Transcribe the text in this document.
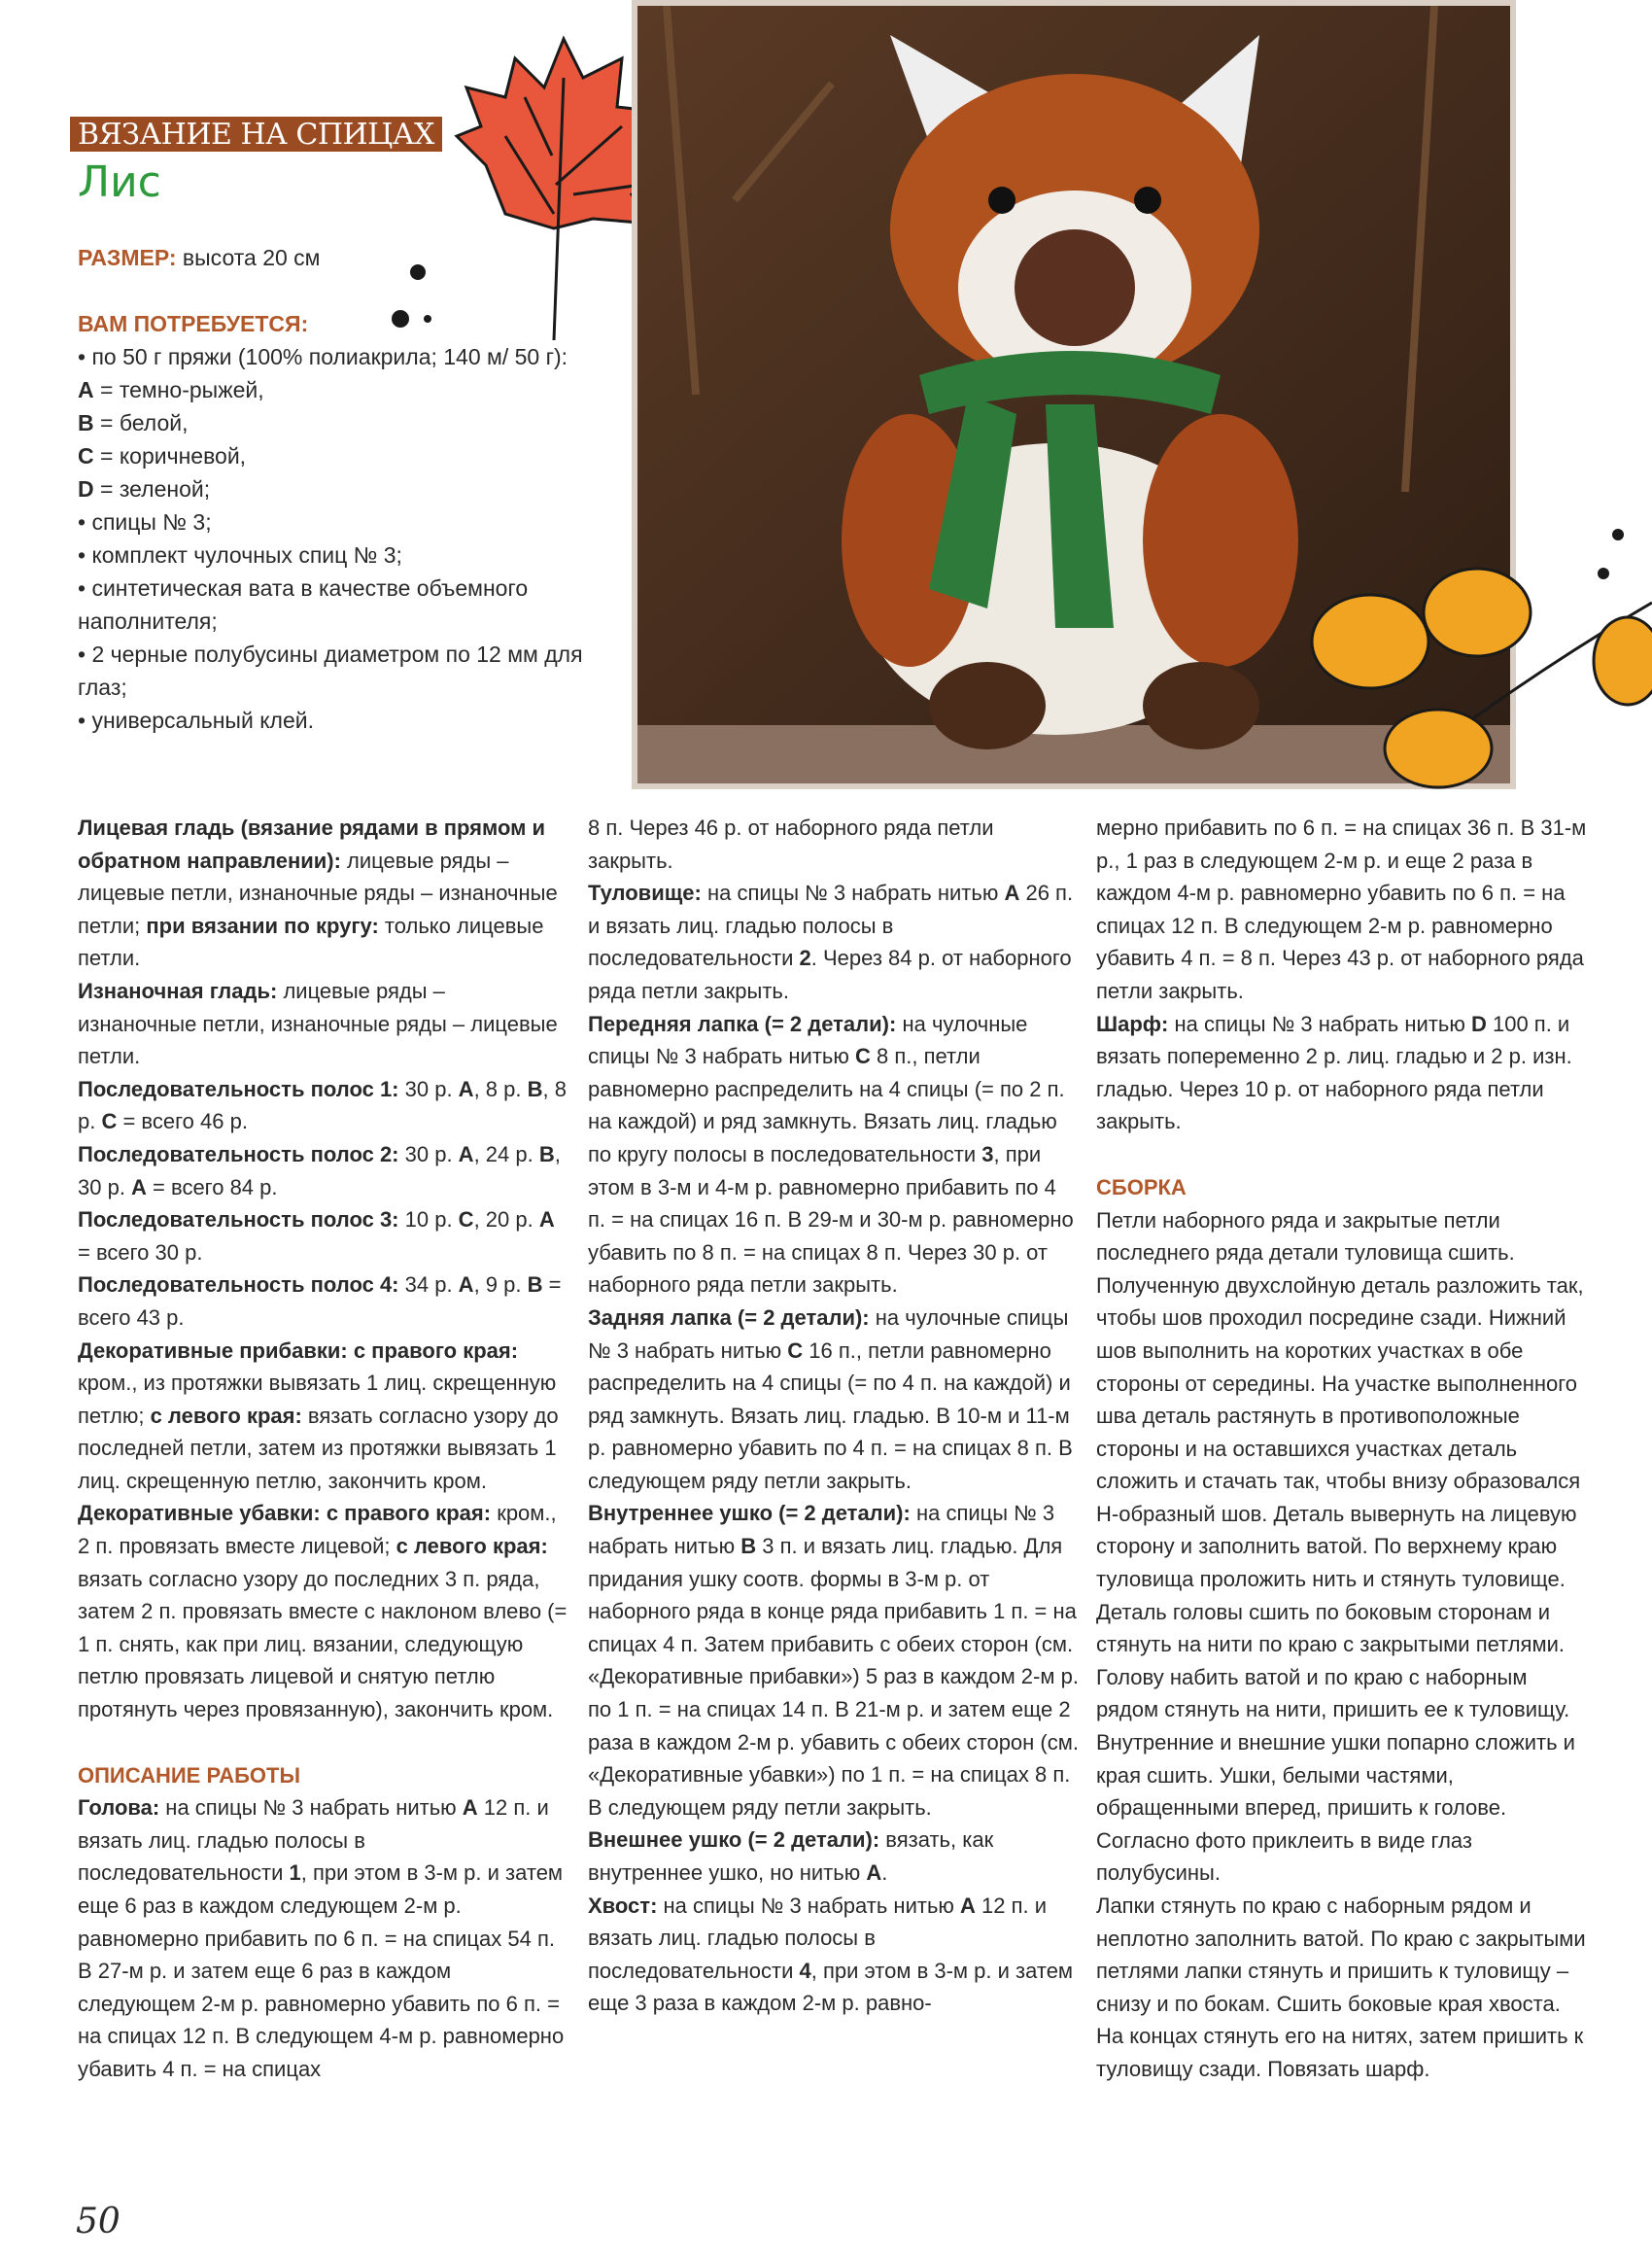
ВЯЗАНИЕ НА СПИЦАХ
Лис

РАЗМЕР: высота 20 см

ВАМ ПОТРЕБУЕТСЯ:

• по 50 г пряжи (100% полиакрила; 140 м/ 50 г):

A = темно-рыжей,

B = белой,

C = коричневой,

D = зеленой;

• спицы № 3;

• комплект чулочных спиц № 3;

• синтетическая вата в качестве объемного наполнителя;

• 2 черные полубусины диаметром по 12 мм для глаз;

• универсальный клей.

Лицевая гладь (вязание рядами в прямом и обратном направлении): лицевые ряды – лицевые петли, изнаночные ряды – изнаночные петли; при вязании по кругу: только лицевые петли.

Изнаночная гладь: лицевые ряды – изнаночные петли, изнаночные ряды – лицевые петли.

Последовательность полос 1: 30 р. A, 8 р. B, 8 р. C = всего 46 р.

Последовательность полос 2: 30 р. A, 24 р. B, 30 р. A = всего 84 р.

Последовательность полос 3: 10 р. C, 20 р. A = всего 30 р.

Последовательность полос 4: 34 р. A, 9 р. B = всего 43 р.

Декоративные прибавки: с правого края: кром., из протяжки вывязать 1 лиц. скрещенную петлю; с левого края: вязать согласно узору до последней петли, затем из протяжки вывязать 1 лиц. скрещенную петлю, закончить кром.

Декоративные убавки: с правого края: кром., 2 п. провязать вместе лицевой; с левого края: вязать согласно узору до последних 3 п. ряда, затем 2 п. провязать вместе с наклоном влево (= 1 п. снять, как при лиц. вязании, следующую петлю провязать лицевой и снятую петлю протянуть через провязанную), закончить кром.

ОПИСАНИЕ РАБОТЫ

Голова: на спицы № 3 набрать нитью A 12 п. и вязать лиц. гладью полосы в последовательности 1, при этом в 3-м р. и затем еще 6 раз в каждом следующем 2-м р. равномерно прибавить по 6 п. = на спицах 54 п. В 27-м р. и затем еще 6 раз в каждом следующем 2-м р. равномерно убавить по 6 п. = на спицах 12 п. В следующем 4-м р. равномерно убавить 4 п. = на спицах

8 п. Через 46 р. от наборного ряда петли закрыть.

Туловище: на спицы № 3 набрать нитью A 26 п. и вязать лиц. гладью полосы в последовательности 2. Через 84 р. от наборного ряда петли закрыть.

Передняя лапка (= 2 детали): на чулочные спицы № 3 набрать нитью C 8 п., петли равномерно распределить на 4 спицы (= по 2 п. на каждой) и ряд замкнуть. Вязать лиц. гладью по кругу полосы в последовательности 3, при этом в 3-м и 4-м р. равномерно прибавить по 4 п. = на спицах 16 п. В 29-м и 30-м р. равномерно убавить по 8 п. = на спицах 8 п. Через 30 р. от наборного ряда петли закрыть.

Задняя лапка (= 2 детали): на чулочные спицы № 3 набрать нитью C 16 п., петли равномерно распределить на 4 спицы (= по 4 п. на каждой) и ряд замкнуть. Вязать лиц. гладью. В 10-м и 11-м р. равномерно убавить по 4 п. = на спицах 8 п. В следующем ряду петли закрыть.

Внутреннее ушко (= 2 детали): на спицы № 3 набрать нитью B 3 п. и вязать лиц. гладью. Для придания ушку соотв. формы в 3-м р. от наборного ряда в конце ряда прибавить 1 п. = на спицах 4 п. Затем прибавить с обеих сторон (см. «Декоративные прибавки») 5 раз в каждом 2-м р. по 1 п. = на спицах 14 п. В 21-м р. и затем еще 2 раза в каждом 2-м р. убавить с обеих сторон (см. «Декоративные убавки») по 1 п. = на спицах 8 п. В следующем ряду петли закрыть.

Внешнее ушко (= 2 детали): вязать, как внутреннее ушко, но нитью A.

Хвост: на спицы № 3 набрать нитью A 12 п. и вязать лиц. гладью полосы в последовательности 4, при этом в 3-м р. и затем еще 3 раза в каждом 2-м р. равно-

мерно прибавить по 6 п. = на спицах 36 п. В 31-м р., 1 раз в следующем 2-м р. и еще 2 раза в каждом 4-м р. равномерно убавить по 6 п. = на спицах 12 п. В следующем 2-м р. равномерно убавить 4 п. = 8 п. Через 43 р. от наборного ряда петли закрыть.

Шарф: на спицы № 3 набрать нитью D 100 п. и вязать попеременно 2 р. лиц. гладью и 2 р. изн. гладью. Через 10 р. от наборного ряда петли закрыть.

СБОРКА

Петли наборного ряда и закрытые петли последнего ряда детали туловища сшить. Полученную двухслойную деталь разложить так, чтобы шов проходил посредине сзади. Нижний шов выполнить на коротких участках в обе стороны от середины. На участке выполненного шва деталь растянуть в противоположные стороны и на оставшихся участках деталь сложить и стачать так, чтобы внизу образовался Н-образный шов. Деталь вывернуть на лицевую сторону и заполнить ватой. По верхнему краю туловища проложить нить и стянуть туловище. Деталь головы сшить по боковым сторонам и стянуть на нити по краю с закрытыми петлями. Голову набить ватой и по краю с наборным рядом стянуть на нити, пришить ее к туловищу. Внутренние и внешние ушки попарно сложить и края сшить. Ушки, белыми частями, обращенными вперед, пришить к голове. Согласно фото приклеить в виде глаз полубусины.

Лапки стянуть по краю с наборным рядом и неплотно заполнить ватой. По краю с закрытыми петлями лапки стянуть и пришить к туловищу – снизу и по бокам. Сшить боковые края хвоста. На концах стянуть его на нитях, затем пришить к туловищу сзади. Повязать шарф.

50
